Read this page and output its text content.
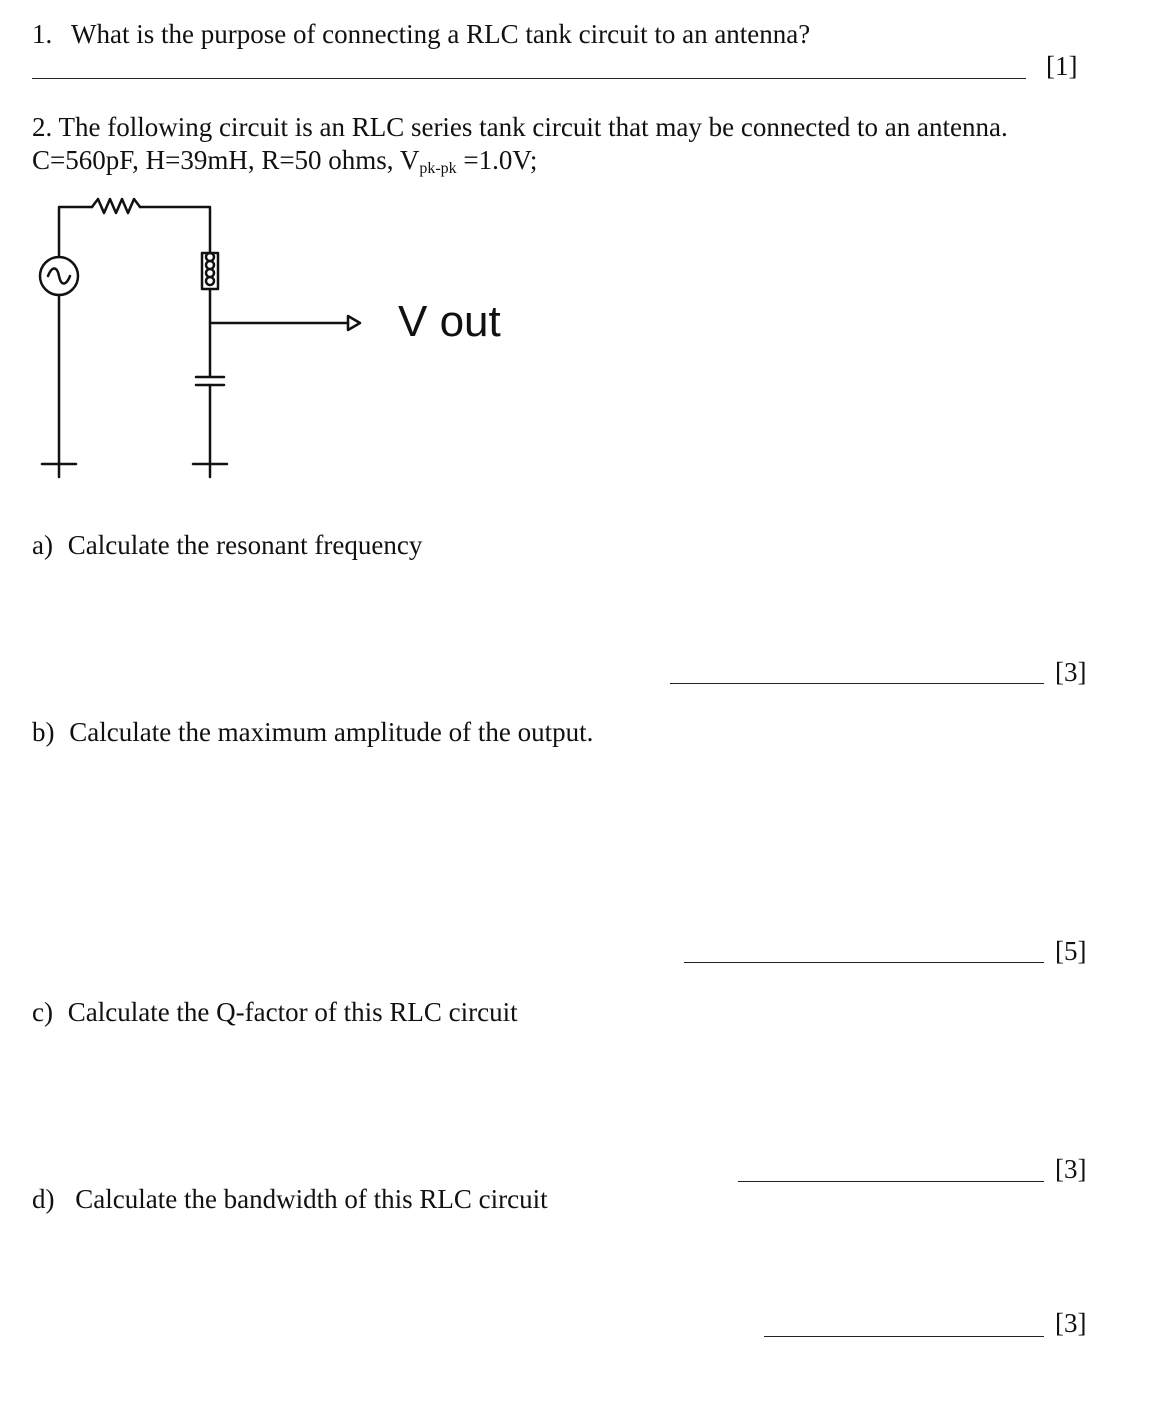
1. What is the purpose of connecting a RLC tank circuit to an antenna?
[1]
2. The following circuit is an RLC series tank circuit that may be connected to an antenna.
C=560pF, H=39mH, R=50 ohms, $V_{pk-pk} =1.0V$;
V out
a) Calculate the resonant frequency
[3]
b) Calculate the maximum amplitude of the output.
[5]
c) Calculate the Q-factor of this RLC circuit
[3]
d) Calculate the bandwidth of this RLC circuit
[3]
